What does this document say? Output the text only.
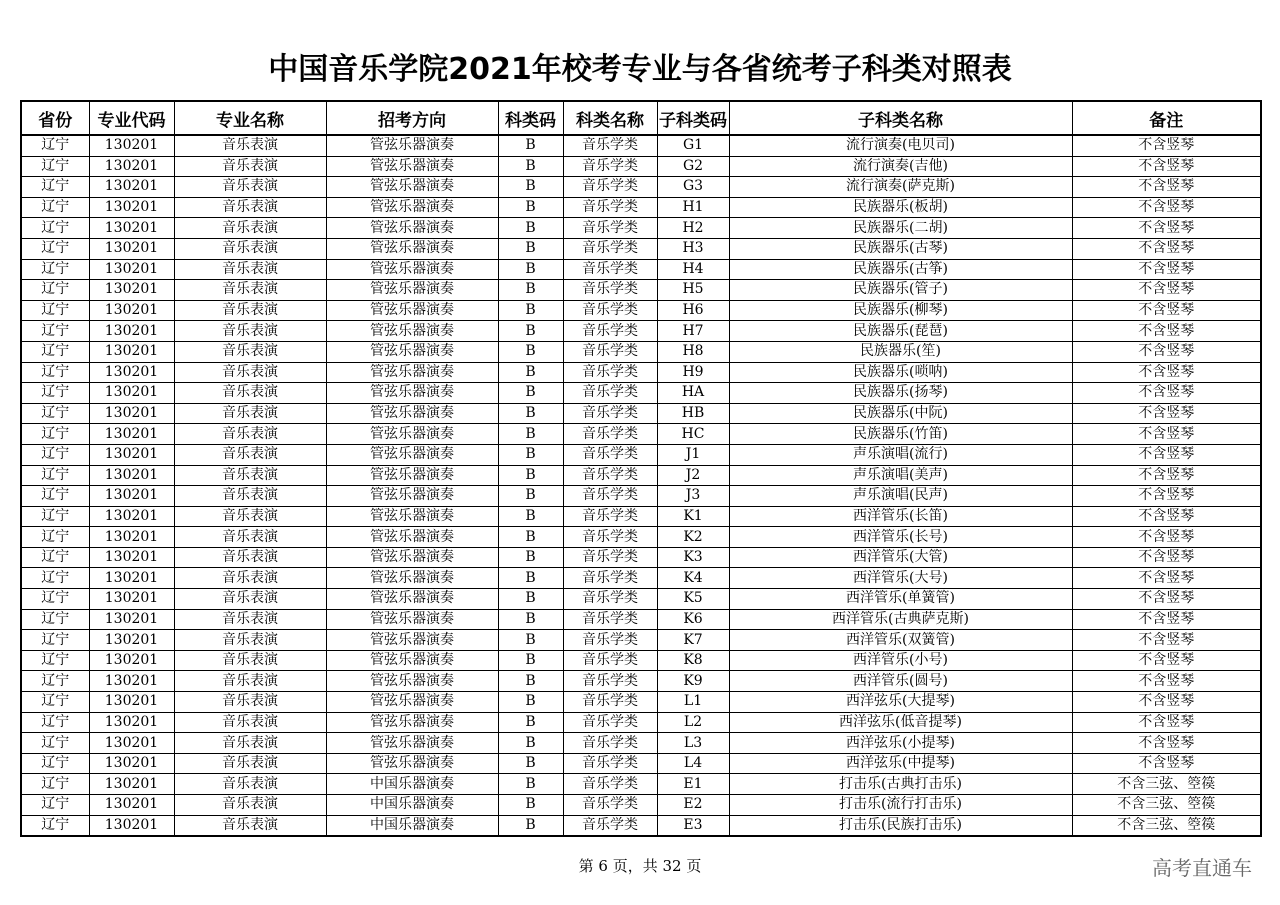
中国音乐学院2021年校考专业与各省统考子科类对照表
省份	专业代码	专业名称	招考方向	科类码	科类名称	子科类码	子科类名称	备注
辽宁	130201	音乐表演	管弦乐器演奏	B	音乐学类	G1	流行演奏(电贝司)	不含竖琴
辽宁	130201	音乐表演	管弦乐器演奏	B	音乐学类	G2	流行演奏(吉他)	不含竖琴
辽宁	130201	音乐表演	管弦乐器演奏	B	音乐学类	G3	流行演奏(萨克斯)	不含竖琴
辽宁	130201	音乐表演	管弦乐器演奏	B	音乐学类	H1	民族器乐(板胡)	不含竖琴
辽宁	130201	音乐表演	管弦乐器演奏	B	音乐学类	H2	民族器乐(二胡)	不含竖琴
辽宁	130201	音乐表演	管弦乐器演奏	B	音乐学类	H3	民族器乐(古琴)	不含竖琴
辽宁	130201	音乐表演	管弦乐器演奏	B	音乐学类	H4	民族器乐(古筝)	不含竖琴
辽宁	130201	音乐表演	管弦乐器演奏	B	音乐学类	H5	民族器乐(管子)	不含竖琴
辽宁	130201	音乐表演	管弦乐器演奏	B	音乐学类	H6	民族器乐(柳琴)	不含竖琴
辽宁	130201	音乐表演	管弦乐器演奏	B	音乐学类	H7	民族器乐(琵琶)	不含竖琴
辽宁	130201	音乐表演	管弦乐器演奏	B	音乐学类	H8	民族器乐(笙)	不含竖琴
辽宁	130201	音乐表演	管弦乐器演奏	B	音乐学类	H9	民族器乐(唢呐)	不含竖琴
辽宁	130201	音乐表演	管弦乐器演奏	B	音乐学类	HA	民族器乐(扬琴)	不含竖琴
辽宁	130201	音乐表演	管弦乐器演奏	B	音乐学类	HB	民族器乐(中阮)	不含竖琴
辽宁	130201	音乐表演	管弦乐器演奏	B	音乐学类	HC	民族器乐(竹笛)	不含竖琴
辽宁	130201	音乐表演	管弦乐器演奏	B	音乐学类	J1	声乐演唱(流行)	不含竖琴
辽宁	130201	音乐表演	管弦乐器演奏	B	音乐学类	J2	声乐演唱(美声)	不含竖琴
辽宁	130201	音乐表演	管弦乐器演奏	B	音乐学类	J3	声乐演唱(民声)	不含竖琴
辽宁	130201	音乐表演	管弦乐器演奏	B	音乐学类	K1	西洋管乐(长笛)	不含竖琴
辽宁	130201	音乐表演	管弦乐器演奏	B	音乐学类	K2	西洋管乐(长号)	不含竖琴
辽宁	130201	音乐表演	管弦乐器演奏	B	音乐学类	K3	西洋管乐(大管)	不含竖琴
辽宁	130201	音乐表演	管弦乐器演奏	B	音乐学类	K4	西洋管乐(大号)	不含竖琴
辽宁	130201	音乐表演	管弦乐器演奏	B	音乐学类	K5	西洋管乐(单簧管)	不含竖琴
辽宁	130201	音乐表演	管弦乐器演奏	B	音乐学类	K6	西洋管乐(古典萨克斯)	不含竖琴
辽宁	130201	音乐表演	管弦乐器演奏	B	音乐学类	K7	西洋管乐(双簧管)	不含竖琴
辽宁	130201	音乐表演	管弦乐器演奏	B	音乐学类	K8	西洋管乐(小号)	不含竖琴
辽宁	130201	音乐表演	管弦乐器演奏	B	音乐学类	K9	西洋管乐(圆号)	不含竖琴
辽宁	130201	音乐表演	管弦乐器演奏	B	音乐学类	L1	西洋弦乐(大提琴)	不含竖琴
辽宁	130201	音乐表演	管弦乐器演奏	B	音乐学类	L2	西洋弦乐(低音提琴)	不含竖琴
辽宁	130201	音乐表演	管弦乐器演奏	B	音乐学类	L3	西洋弦乐(小提琴)	不含竖琴
辽宁	130201	音乐表演	管弦乐器演奏	B	音乐学类	L4	西洋弦乐(中提琴)	不含竖琴
辽宁	130201	音乐表演	中国乐器演奏	B	音乐学类	E1	打击乐(古典打击乐)	不含三弦、箜篌
辽宁	130201	音乐表演	中国乐器演奏	B	音乐学类	E2	打击乐(流行打击乐)	不含三弦、箜篌
辽宁	130201	音乐表演	中国乐器演奏	B	音乐学类	E3	打击乐(民族打击乐)	不含三弦、箜篌
第 6 页，共 32 页	高考直通车
